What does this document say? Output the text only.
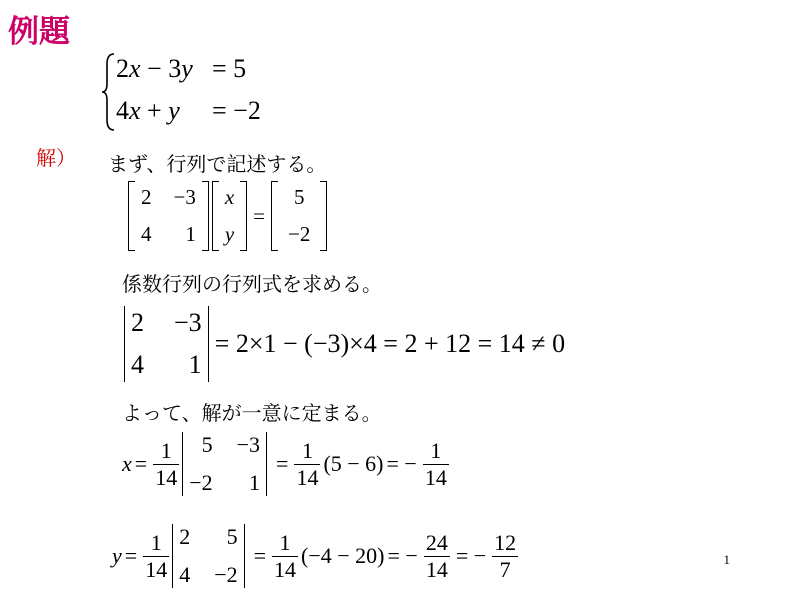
例題
2 x − 3 y = 5
4 x + y = −2
解） まず、行列で記述する。
2 −3
4	1
x
y
=
5
−2
係数行列の行列式を求める。
2 −3
4	1
= 2×1 − (−3)×4 = 2 + 12 = 14 ≠ 0
よって、解が一意に定まる。
$x = \frac{1}{14}$	5 −3
−2	1
= $\frac{1}{14} (5 - 6)$ = − $\frac{1}{14}$
$y = \frac{1}{14} 2$	5
4 −2
= $\frac{1}{14} (-4 - 20)$ = − $\frac{24}{14}$ = − $\frac{12}{7}$	1
